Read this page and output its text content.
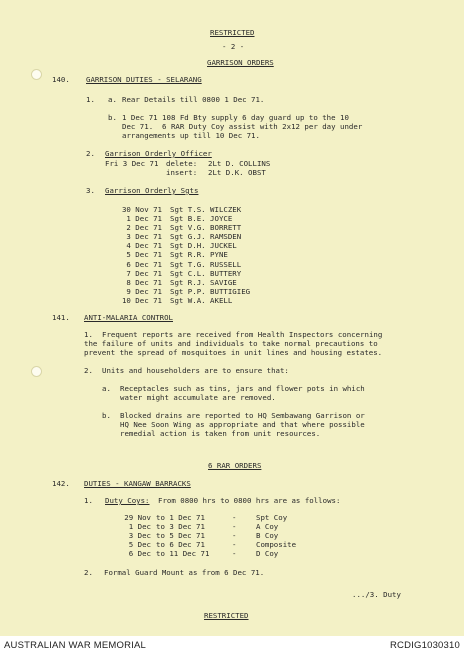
RESTRICTED
- 2 -
GARRISON ORDERS
140. GARRISON DUTIES - SELARANG
1. a. Rear Details till 0800 1 Dec 71.
b. 1 Dec 71 108 Fd Bty supply 6 day guard up to the 10
Dec 71.  6 RAR Duty Coy assist with 2x12 per day under
arrangements up till 10 Dec 71.
2. Garrison Orderly Officer
Fri 3 Dec 71 delete: 2Lt D. COLLINS
insert: 2Lt D.K. OBST
3. Garrison Orderly Sgts
30 Nov 71	Sgt T.S. WILCZEK
1 Dec 71	Sgt B.E. JOYCE
2 Dec 71	Sgt V.G. BORRETT
3 Dec 71	Sgt G.J. RAMSDEN
4 Dec 71	Sgt D.H. JUCKEL
5 Dec 71	Sgt R.R. PYNE
6 Dec 71	Sgt T.G. RUSSELL
7 Dec 71	Sgt C.L. BUTTERY
8 Dec 71	Sgt R.J. SAVIGE
9 Dec 71	Sgt P.P. BUTTIGIEG
10 Dec 71	Sgt W.A. AKELL
141. ANTI-MALARIA CONTROL
1. Frequent reports are received from Health Inspectors concerning
the failure of units and individuals to take normal precautions to
prevent the spread of mosquitoes in unit lines and housing estates.
2. Units and householders are to ensure that:
a. Receptacles such as tins, jars and flower pots in which
water might accumulate are removed.
b. Blocked drains are reported to HQ Sembawang Garrison or
HQ Nee Soon Wing as appropriate and that where possible
remedial action is taken from unit resources.
6 RAR ORDERS
142. DUTIES - KANGAW BARRACKS
1. Duty Coys: From 0800 hrs to 0800 hrs are as follows:
29 Nov	to 1 Dec 71	-	Spt Coy
1 Dec	to 3 Dec 71	-	A Coy
3 Dec	to 5 Dec 71	-	B Coy
5 Dec	to 6 Dec 71	-	Composite
6 Dec	to 11 Dec 71	-	D Coy
2. Formal Guard Mount as from 6 Dec 71.
.../3. Duty
RESTRICTED
AUSTRALIAN WAR MEMORIAL	RCDIG1030310
